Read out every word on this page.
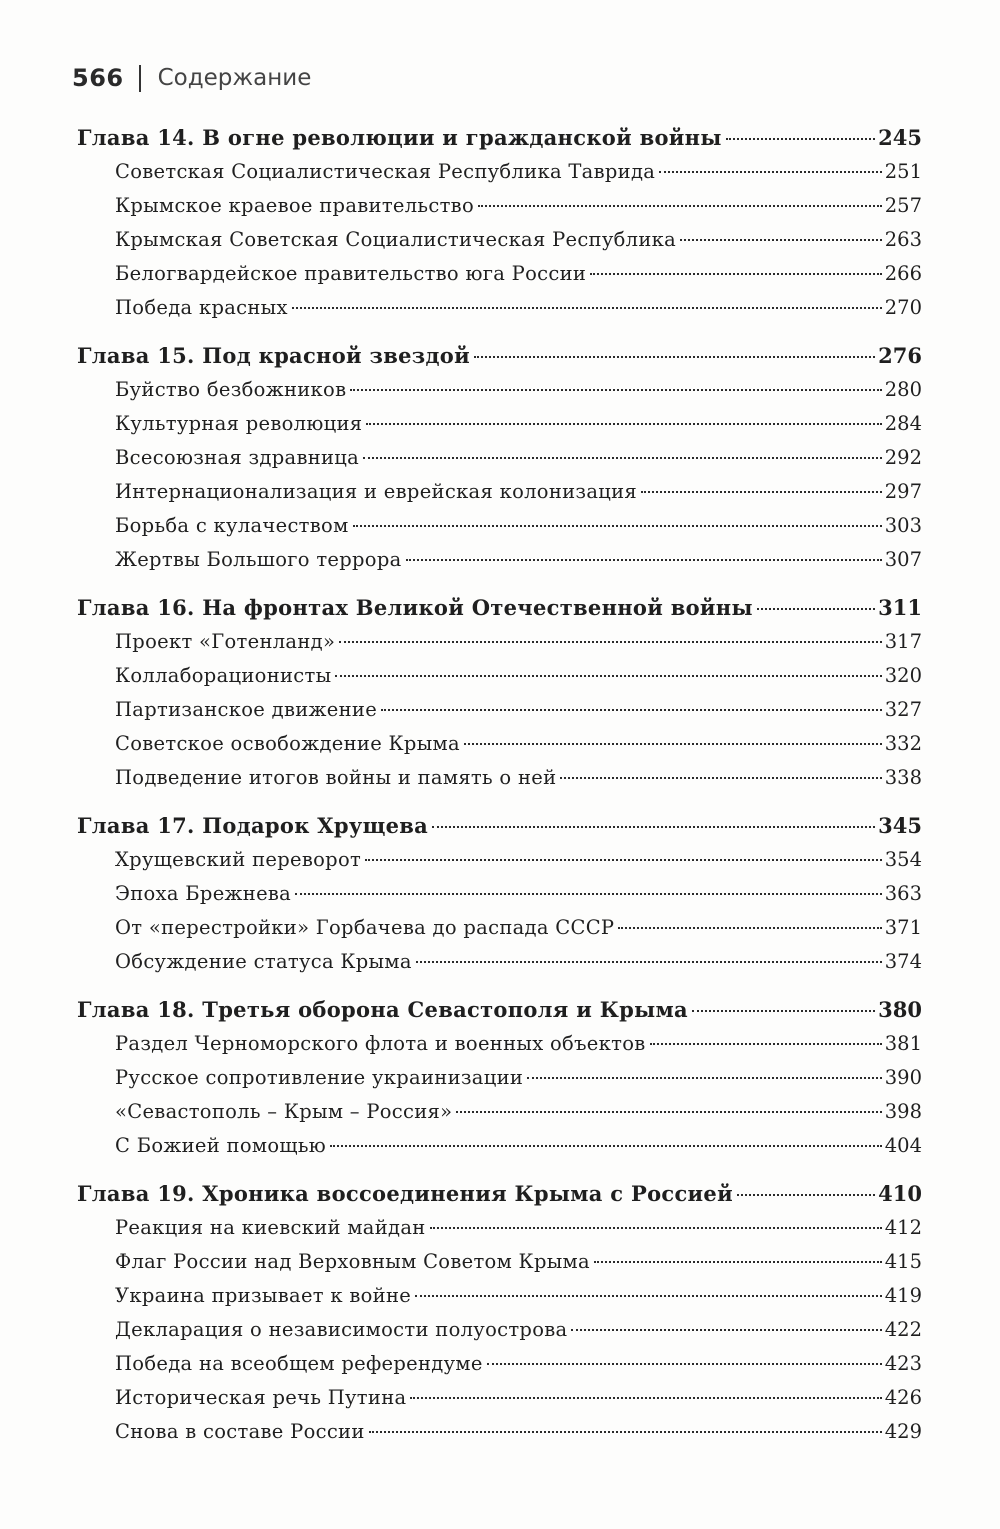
566 Содержание
Глава 14. В огне революции и гражданской войны	245
Советская Социалистическая Республика Таврида	251
Крымское краевое правительство	257
Крымская Советская Социалистическая Республика	263
Белогвардейское правительство юга России	266
Победа красных	270
Глава 15. Под красной звездой	276
Буйство безбожников	280
Культурная революция	284
Всесоюзная здравница	292
Интернационализация и еврейская колонизация	297
Борьба с кулачеством	303
Жертвы Большого террора	307
Глава 16. На фронтах Великой Отечественной войны	311
Проект «Готенланд»	317
Коллаборационисты	320
Партизанское движение	327
Советское освобождение Крыма	332
Подведение итогов войны и память о ней	338
Глава 17. Подарок Хрущева	345
Хрущевский переворот	354
Эпоха Брежнева	363
От «перестройки» Горбачева до распада СССР	371
Обсуждение статуса Крыма	374
Глава 18. Третья оборона Севастополя и Крыма	380
Раздел Черноморского флота и военных объектов	381
Русское сопротивление украинизации	390
«Севастополь – Крым – Россия»	398
С Божией помощью	404
Глава 19. Хроника воссоединения Крыма с Россией	410
Реакция на киевский майдан	412
Флаг России над Верховным Советом Крыма	415
Украина призывает к войне	419
Декларация о независимости полуострова	422
Победа на всеобщем референдуме	423
Историческая речь Путина	426
Снова в составе России	429
